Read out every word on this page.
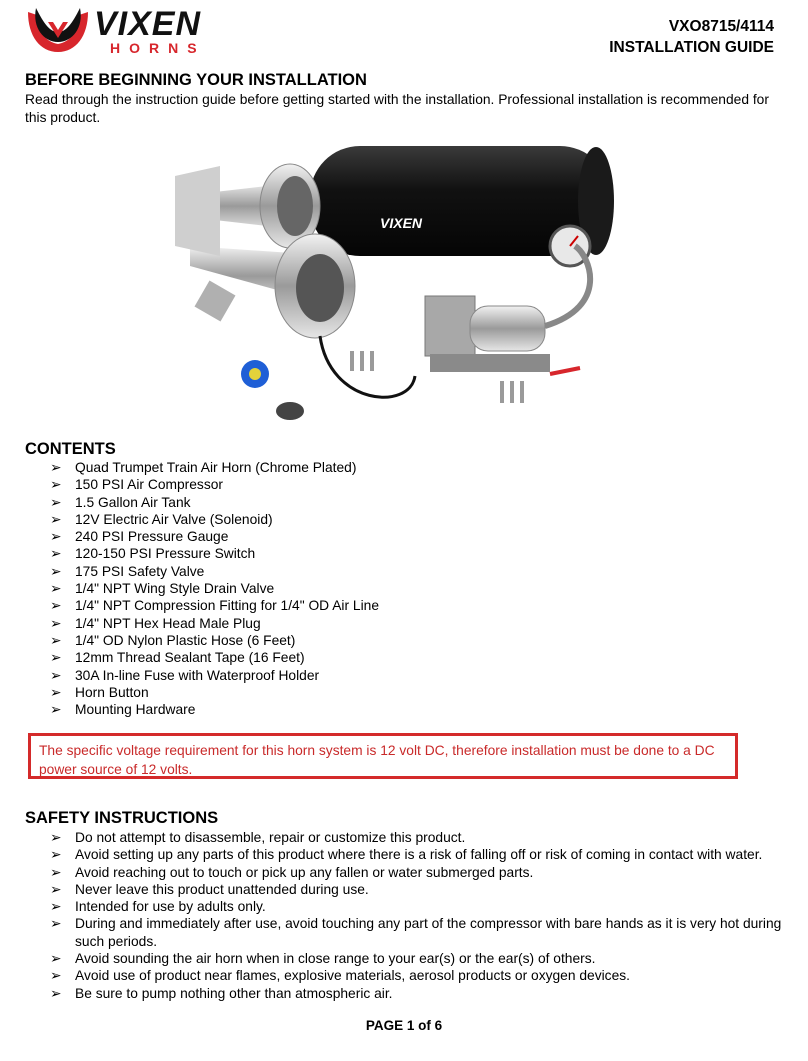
VIXEN
HORNS
VXO8715/4114
INSTALLATION GUIDE
BEFORE BEGINNING YOUR INSTALLATION
Read through the instruction guide before getting started with the installation. Professional installation is recommended for this product.
VIXEN
CONTENTS
➢ Quad Trumpet Train Air Horn (Chrome Plated)
➢ 150 PSI Air Compressor
➢ 1.5 Gallon Air Tank
➢ 12V Electric Air Valve (Solenoid)
➢ 240 PSI Pressure Gauge
➢ 120-150 PSI Pressure Switch
➢ 175 PSI Safety Valve
➢ 1/4" NPT Wing Style Drain Valve
➢ 1/4" NPT Compression Fitting for 1/4" OD Air Line
➢ 1/4" NPT Hex Head Male Plug
➢ 1/4" OD Nylon Plastic Hose (6 Feet)
➢ 12mm Thread Sealant Tape (16 Feet)
➢ 30A In-line Fuse with Waterproof Holder
➢ Horn Button
➢ Mounting Hardware
The specific voltage requirement for this horn system is 12 volt DC, therefore installation must be done to a DC power source of 12 volts.
SAFETY INSTRUCTIONS
➢ Do not attempt to disassemble, repair or customize this product.
➢ Avoid setting up any parts of this product where there is a risk of falling off or risk of coming in contact with water.
➢ Avoid reaching out to touch or pick up any fallen or water submerged parts.
➢ Never leave this product unattended during use.
➢ Intended for use by adults only.
➢ During and immediately after use, avoid touching any part of the compressor with bare hands as it is very hot during such periods.
➢ Avoid sounding the air horn when in close range to your ear(s) or the ear(s) of others.
➢ Avoid use of product near flames, explosive materials, aerosol products or oxygen devices.
➢ Be sure to pump nothing other than atmospheric air.
PAGE 1 of 6
